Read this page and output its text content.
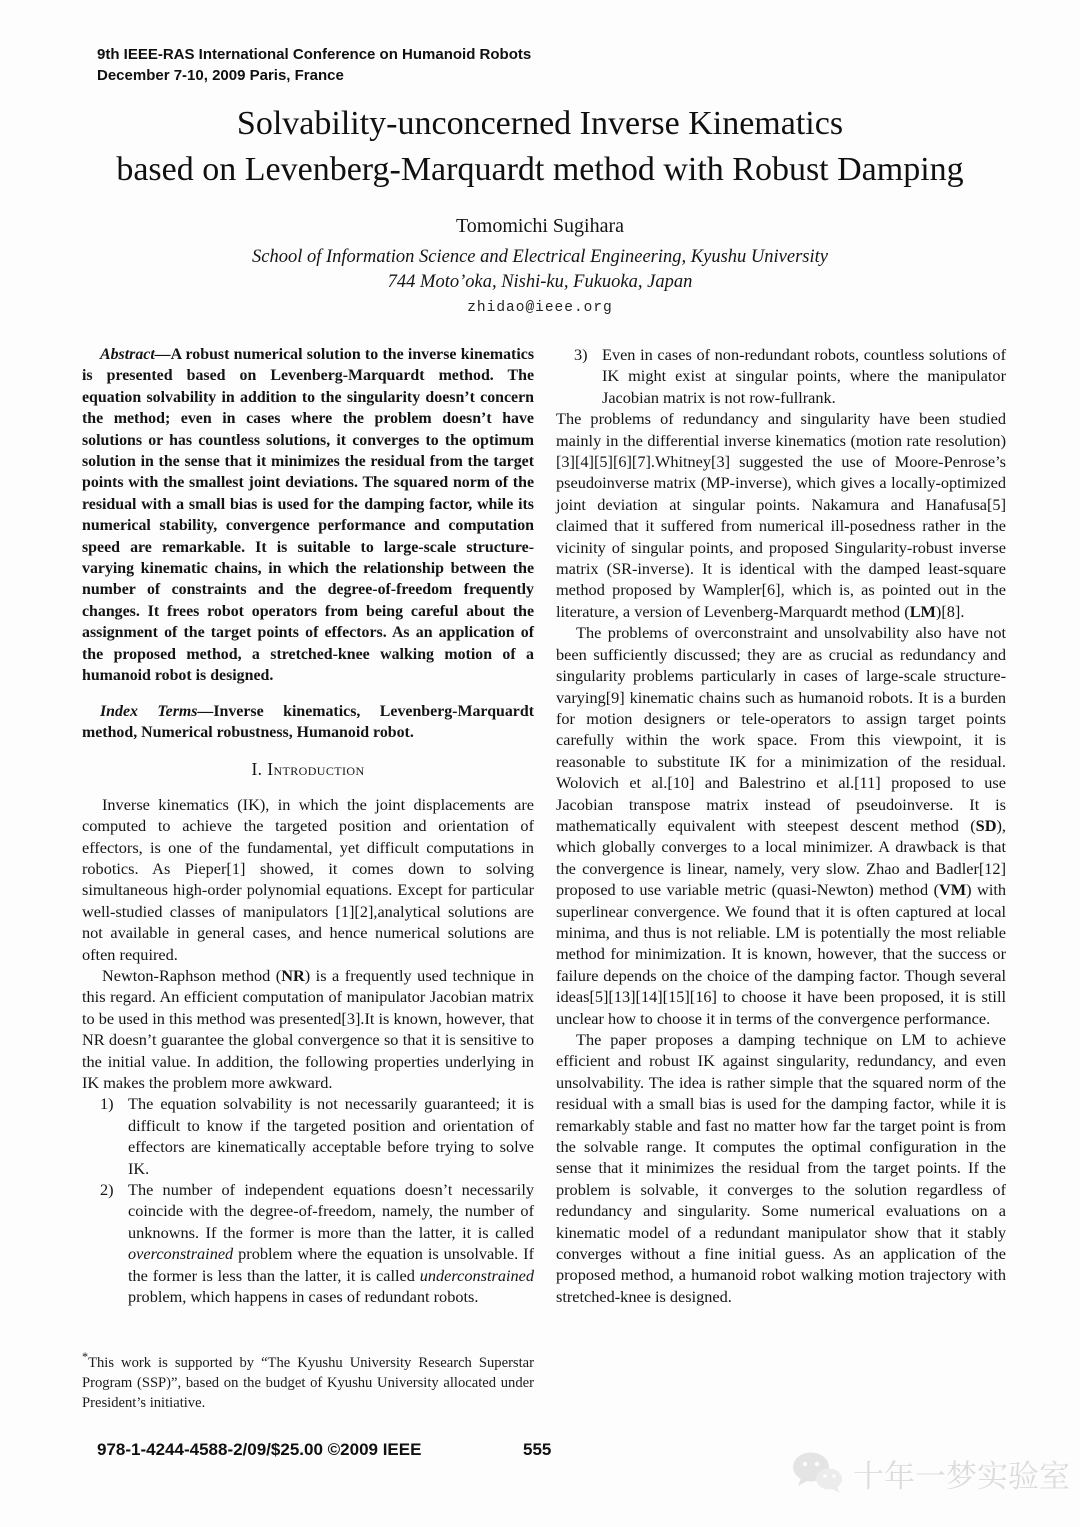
9th IEEE-RAS International Conference on Humanoid Robots
December 7-10, 2009 Paris, France
Solvability-unconcerned Inverse Kinematics
based on Levenberg-Marquardt method with Robust Damping
Tomomichi Sugihara
School of Information Science and Electrical Engineering, Kyushu University
744 Moto’oka, Nishi-ku, Fukuoka, Japan
zhidao@ieee.org

Abstract—A robust numerical solution to the inverse kinematics is presented based on Levenberg-Marquardt method. The equation solvability in addition to the singularity doesn’t concern the method; even in cases where the problem doesn’t have solutions or has countless solutions, it converges to the optimum solution in the sense that it minimizes the residual from the target points with the smallest joint deviations. The squared norm of the residual with a small bias is used for the damping factor, while its numerical stability, convergence performance and computation speed are remarkable. It is suitable to large-scale structure-varying kinematic chains, in which the relationship between the number of constraints and the degree-of-freedom frequently changes. It frees robot operators from being careful about the assignment of the target points of effectors. As an application of the proposed method, a stretched-knee walking motion of a humanoid robot is designed.

Index Terms—Inverse kinematics, Levenberg-Marquardt method, Numerical robustness, Humanoid robot.

I. Introduction

Inverse kinematics (IK), in which the joint displacements are computed to achieve the targeted position and orientation of effectors, is one of the fundamental, yet difficult computations in robotics. As Pieper[1] showed, it comes down to solving simultaneous high-order polynomial equations. Except for particular well-studied classes of manipulators [1][2],analytical solutions are not available in general cases, and hence numerical solutions are often required.

Newton-Raphson method (NR) is a frequently used technique in this regard. An efficient computation of manipulator Jacobian matrix to be used in this method was presented[3].It is known, however, that NR doesn’t guarantee the global convergence so that it is sensitive to the initial value. In addition, the following properties underlying in IK makes the problem more awkward.

1) The equation solvability is not necessarily guaranteed; it is difficult to know if the targeted position and orientation of effectors are kinematically acceptable before trying to solve IK.
2) The number of independent equations doesn’t necessarily coincide with the degree-of-freedom, namely, the number of unknowns. If the former is more than the latter, it is called overconstrained problem where the equation is unsolvable. If the former is less than the latter, it is called underconstrained problem, which happens in cases of redundant robots.
3) Even in cases of non-redundant robots, countless solutions of IK might exist at singular points, where the manipulator Jacobian matrix is not row-fullrank.

The problems of redundancy and singularity have been studied mainly in the differential inverse kinematics (motion rate resolution) [3][4][5][6][7].Whitney[3] suggested the use of Moore-Penrose’s pseudoinverse matrix (MP-inverse), which gives a locally-optimized joint deviation at singular points. Nakamura and Hanafusa[5] claimed that it suffered from numerical ill-posedness rather in the vicinity of singular points, and proposed Singularity-robust inverse matrix (SR-inverse). It is identical with the damped least-square method proposed by Wampler[6], which is, as pointed out in the literature, a version of Levenberg-Marquardt method (LM)[8].

The problems of overconstraint and unsolvability also have not been sufficiently discussed; they are as crucial as redundancy and singularity problems particularly in cases of large-scale structure-varying[9] kinematic chains such as humanoid robots. It is a burden for motion designers or tele-operators to assign target points carefully within the work space. From this viewpoint, it is reasonable to substitute IK for a minimization of the residual. Wolovich et al.[10] and Balestrino et al.[11] proposed to use Jacobian transpose matrix instead of pseudoinverse. It is mathematically equivalent with steepest descent method (SD), which globally converges to a local minimizer. A drawback is that the convergence is linear, namely, very slow. Zhao and Badler[12] proposed to use variable metric (quasi-Newton) method (VM) with superlinear convergence. We found that it is often captured at local minima, and thus is not reliable. LM is potentially the most reliable method for minimization. It is known, however, that the success or failure depends on the choice of the damping factor. Though several ideas[5][13][14][15][16] to choose it have been proposed, it is still unclear how to choose it in terms of the convergence performance.

The paper proposes a damping technique on LM to achieve efficient and robust IK against singularity, redundancy, and even unsolvability. The idea is rather simple that the squared norm of the residual with a small bias is used for the damping factor, while it is remarkably stable and fast no matter how far the target point is from the solvable range. It computes the optimal configuration in the sense that it minimizes the residual from the target points. If the problem is solvable, it converges to the solution regardless of redundancy and singularity. Some numerical evaluations on a kinematic model of a redundant manipulator show that it stably converges without a fine initial guess. As an application of the proposed method, a humanoid robot walking motion trajectory with stretched-knee is designed.

*This work is supported by “The Kyushu University Research Superstar Program (SSP)”, based on the budget of Kyushu University allocated under President’s initiative.
978-1-4244-4588-2/09/$25.00 ©2009 IEEE	555
十年一梦实验室
